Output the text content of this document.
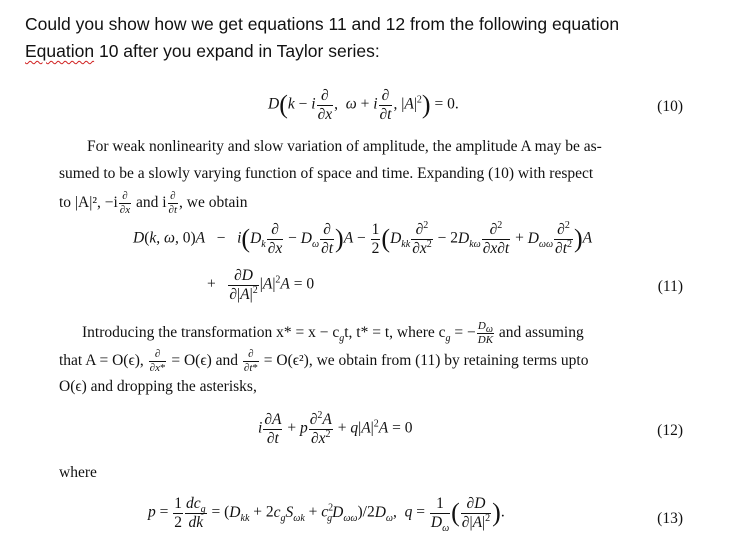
Could you show how we get equations 11 and 12 from the following equation
Equation 10 after you expand in Taylor series:
D(k − i $\frac{\partial}{\partial x}$ ,  ω + i $\frac{\partial}{\partial t}$ , $|A|^2) = 0$.	(10)
For weak nonlinearity and slow variation of amplitude, the amplitude A may be as-
sumed to be a slowly varying function of space and time. Expanding (10) with respect
to |A|², $-i \frac{\partial}{\partial x}$ and i $\frac{\partial}{\partial t}$ , we obtain
D(k, ω, $0)A - i(D_k \frac{\partial}{\partial x} - D_\omega \frac{\partial}{\partial t} )A - \frac{1}{2} (D_{kk} \frac{\partial^2}{\partial x^2} - 2D_{k\omega} \frac{\partial^2}{\partial x\partial t} + D_{\omega\omega} \frac{\partial^2}{\partial t^2} )A$
+ $\frac{\partial D}{\partial|A|^2} |A|^2A = 0$	(11)
Introducing the transformation $x* = x - c_gt$, t* = t, where $c_g$ = − $\frac{D_\omega}{DK}$ and assuming
that A = O(ϵ), $\frac{\partial}{\partial x*} = O(\epsilon)$ and $\frac{\partial}{\partial t*} = O(\epsilon^2)$, we obtain from (11) by retaining terms upto
O(ϵ) and dropping the asterisks,
i $\frac{\partial A}{\partial t} + p \frac{\partial^2A}{\partial x^2} + q|A|^2A = 0$	(12)
where
$p = \frac{1}{2} \frac{dc_g}{dk} = (D_{kk} + 2c_gS_{\omega k} + c^2_gD_{\omega\omega})/2D_\omega$,  $q = \frac{1}{D_\omega}$ ( $\frac{\partial D}{\partial|A|^2}$ ).	(13)
